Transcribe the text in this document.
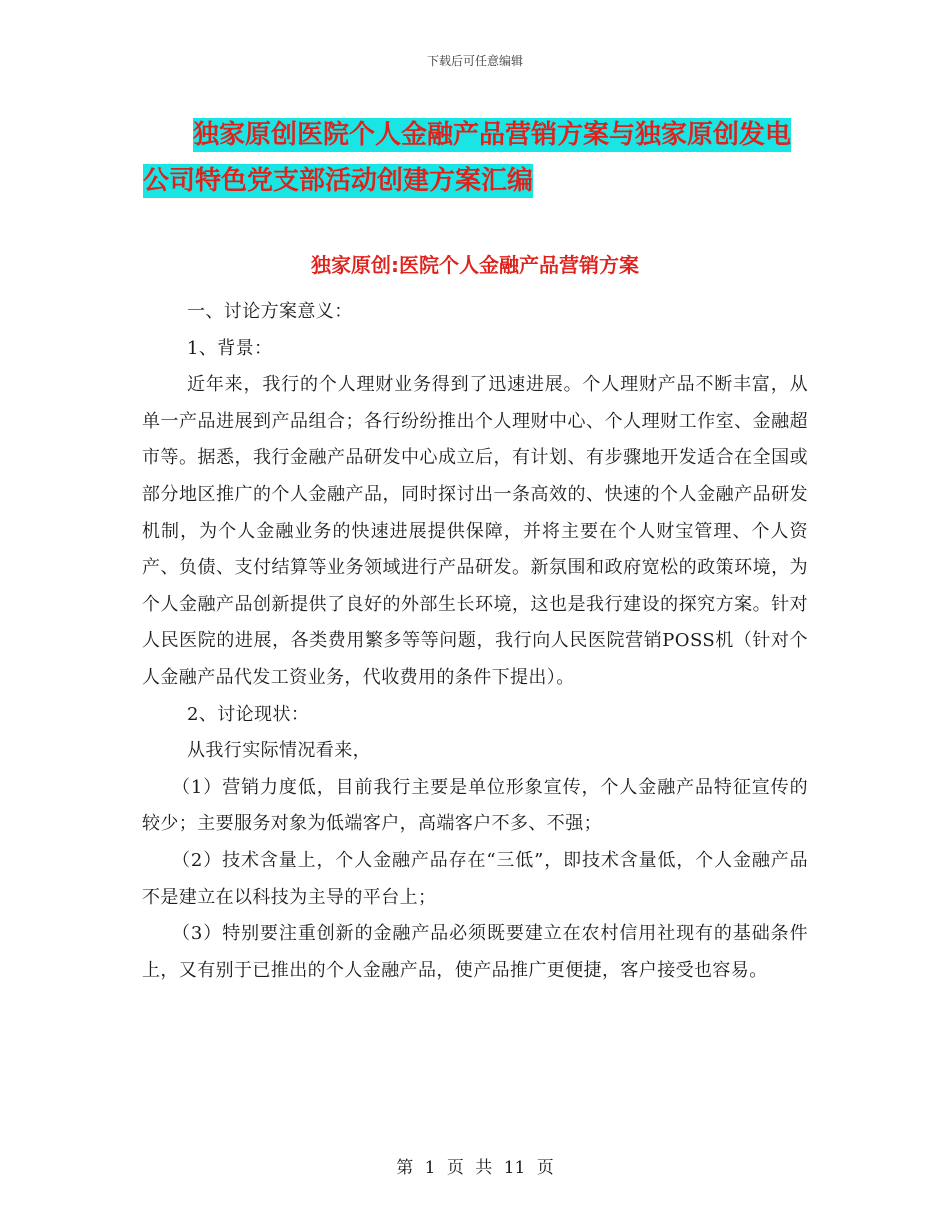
下载后可任意编辑
独家原创医院个人金融产品营销方案与独家原创发电
公司特色党支部活动创建方案汇编
独家原创:医院个人金融产品营销方案

一、讨论方案意义：

1、背景：

近年来，我行的个人理财业务得到了迅速进展。个人理财产品不断丰富，从单一产品进展到产品组合；各行纷纷推出个人理财中心、个人理财工作室、金融超市等。据悉，我行金融产品研发中心成立后，有计划、有步骤地开发适合在全国或部分地区推广的个人金融产品，同时探讨出一条高效的、快速的个人金融产品研发机制，为个人金融业务的快速进展提供保障，并将主要在个人财宝管理、个人资产、负债、支付结算等业务领域进行产品研发。新氛围和政府宽松的政策环境，为个人金融产品创新提供了良好的外部生长环境，这也是我行建设的探究方案。针对人民医院的进展，各类费用繁多等等问题，我行向人民医院营销POSS机（针对个人金融产品代发工资业务，代收费用的条件下提出）。

2、讨论现状：

从我行实际情况看来，

（1）营销力度低，目前我行主要是单位形象宣传，个人金融产品特征宣传的较少；主要服务对象为低端客户，高端客户不多、不强；

（2）技术含量上，个人金融产品存在“三低”，即技术含量低，个人金融产品不是建立在以科技为主导的平台上；

（3）特别要注重创新的金融产品必须既要建立在农村信用社现有的基础条件上，又有别于已推出的个人金融产品，使产品推广更便捷，客户接受也容易。

第 1 页 共 11 页
